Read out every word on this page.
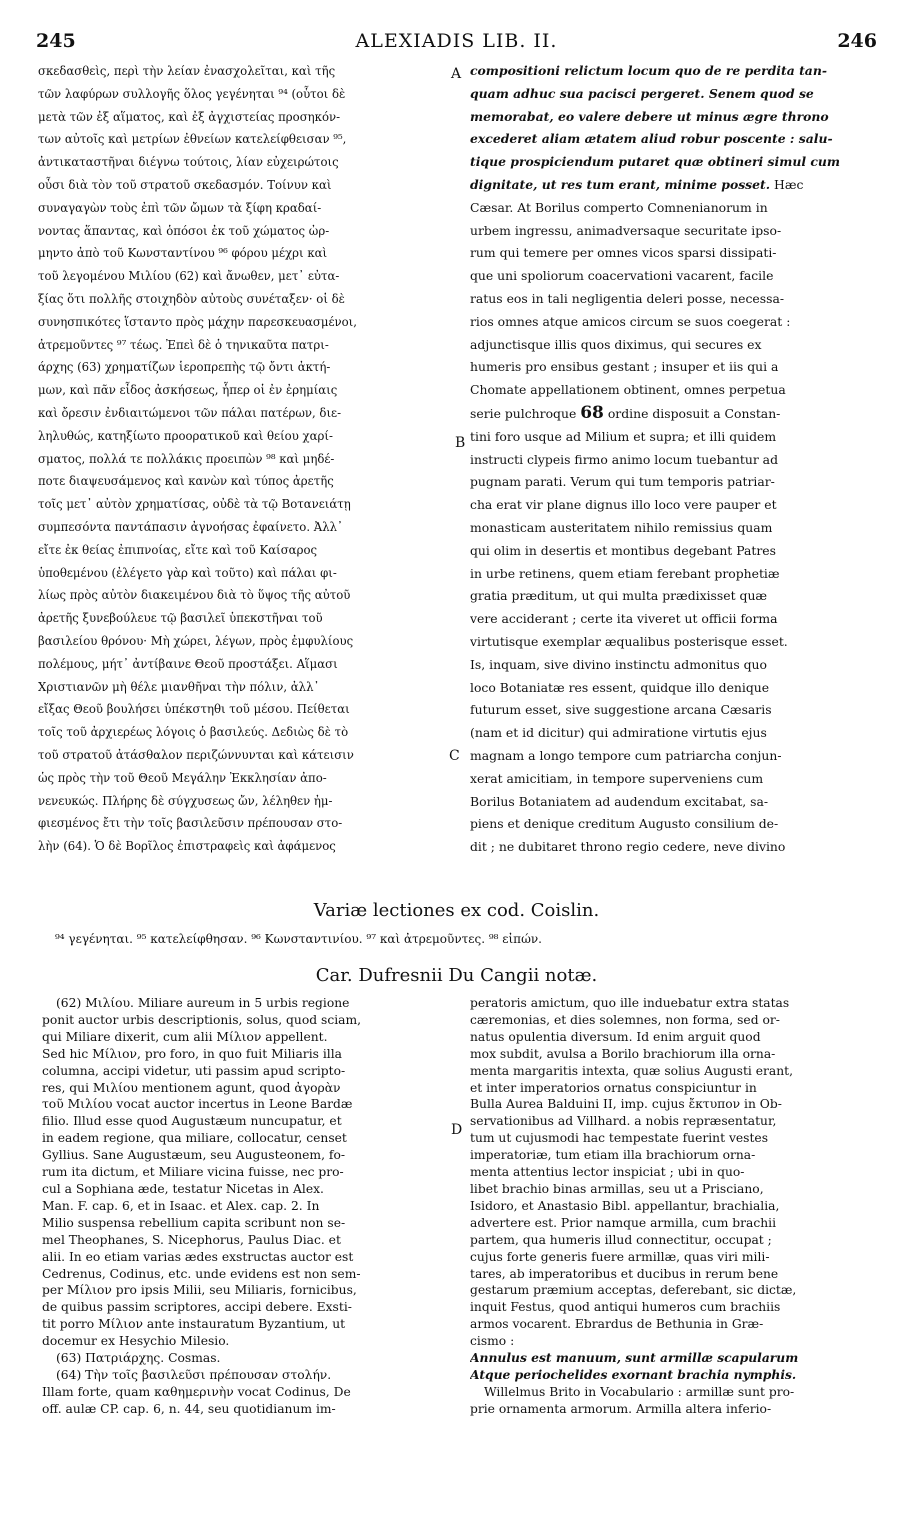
245	ALEXIADIS LIB. II.	246
σκεδασθεὶς, περὶ τὴν λείαν ἐνασχολεῖται, καὶ τῆς
τῶν λαφύρων συλλογῆς ὅλος γεγένηται ⁹⁴ (οὗτοι δὲ
μετὰ τῶν ἐξ αἵματος, καὶ ἐξ ἀγχιστείας προσηκόν-
των αὐτοῖς καὶ μετρίων ἐθνείων κατελείφθεισαν ⁹⁵,
ἀντικαταστῆναι διέγνω τούτοις, λίαν εὐχειρώτοις
οὖσι διὰ τὸν τοῦ στρατοῦ σκεδασμόν. Τοίνυν καὶ
συναγαγὼν τοὺς ἐπὶ τῶν ὤμων τὰ ξίφη κραδαί-
νοντας ἅπαντας, καὶ ὁπόσοι ἐκ τοῦ χώματος ὠρ-
μηντο ἀπὸ τοῦ Κωνσταντίνου ⁹⁶ φόρου μέχρι καὶ
τοῦ λεγομένου Μιλίου (62) καὶ ἄνωθεν, μετ᾽ εὐτα-
ξίας ὅτι πολλῆς στοιχηδὸν αὐτοὺς συνέταξεν· οἱ δὲ
συνησπικότες ἵσταντο πρὸς μάχην παρεσκευασμένοι,
ἀτρεμοῦντες ⁹⁷ τέως. Ἐπεὶ δὲ ὁ τηνικαῦτα πατρι-
άρχης (63) χρηματίζων ἱεροπρεπὴς τῷ ὄντι ἀκτή-
μων, καὶ πᾶν εἶδος ἀσκήσεως, ἧπερ οἱ ἐν ἐρημίαις
καὶ ὄρεσιν ἐνδιαιτώμενοι τῶν πάλαι πατέρων, διε-
ληλυθώς, κατηξίωτο προορατικοῦ καὶ θείου χαρί-
σματος, πολλά τε πολλάκις προειπὼν ⁹⁸ καὶ μηδέ-
ποτε διαψευσάμενος καὶ κανὼν καὶ τύπος ἀρετῆς
τοῖς μετ᾽ αὐτὸν χρηματίσας, οὐδὲ τὰ τῷ Βοτανειάτῃ
συμπεσόντα παντάπασιν ἀγνοήσας ἐφαίνετο. Ἀλλ᾽
εἴτε ἐκ θείας ἐπιπνοίας, εἴτε καὶ τοῦ Καίσαρος
ὑποθεμένου (ἐλέγετο γὰρ καὶ τοῦτο) καὶ πάλαι φι-
λίως πρὸς αὐτὸν διακειμένου διὰ τὸ ὕψος τῆς αὐτοῦ
ἀρετῆς ξυνεβούλευε τῷ βασιλεῖ ὑπεκστῆναι τοῦ
βασιλείου θρόνου· Μὴ χώρει, λέγων, πρὸς ἐμφυλίους
πολέμους, μήτ᾽ ἀντίβαινε Θεοῦ προστάξει. Αἵμασι
Χριστιανῶν μὴ θέλε μιανθῆναι τὴν πόλιν, ἀλλ᾽
εἴξας Θεοῦ βουλήσει ὑπέκστηθι τοῦ μέσου. Πείθεται
τοῖς τοῦ ἀρχιερέως λόγοις ὁ βασιλεύς. Δεδιὼς δὲ τὸ
τοῦ στρατοῦ ἀτάσθαλον περιζώννυνται καὶ κάτεισιν
ὡς πρὸς τὴν τοῦ Θεοῦ Μεγάλην Ἐκκλησίαν ἀπο-
νενευκώς. Πλήρης δὲ σύγχυσεως ὤν, λέληθεν ἠμ-
φιεσμένος ἔτι τὴν τοῖς βασιλεῦσιν πρέπουσαν στο-
λὴν (64). Ὁ δὲ Βορῖλος ἐπιστραφεὶς καὶ ἀφάμενος
A
B
C
D
compositioni relictum locum quo de re perdita tan-
quam adhuc sua pacisci pergeret. Senem quod se
memorabat, eo valere debere ut minus ægre throno
excederet aliam ætatem aliud robur poscente : salu-
tique prospiciendum putaret quæ obtineri simul cum
dignitate, ut res tum erant, minime posset. Hæc
Cæsar. At Borilus comperto Comnenianorum in
urbem ingressu, animadversaque securitate ipso-
rum qui temere per omnes vicos sparsi dissipati-
que uni spoliorum coacervationi vacarent, facile
ratus eos in tali negligentia deleri posse, necessa-
rios omnes atque amicos circum se suos coegerat :
adjunctisque illis quos diximus, qui secures ex
humeris pro ensibus gestant ; insuper et iis qui a
Chomate appellationem obtinent, omnes perpetua
serie pulchroque 68 ordine disposuit a Constan-
tini foro usque ad Milium et supra; et illi quidem
instructi clypeis firmo animo locum tuebantur ad
pugnam parati. Verum qui tum temporis patriar-
cha erat vir plane dignus illo loco vere pauper et
monasticam austeritatem nihilo remissius quam
qui olim in desertis et montibus degebant Patres
in urbe retinens, quem etiam ferebant prophetiæ
gratia præditum, ut qui multa prædixisset quæ
vere acciderant ; certe ita viveret ut officii forma
virtutisque exemplar æqualibus posterisque esset.
Is, inquam, sive divino instinctu admonitus quo
loco Botaniatæ res essent, quidque illo denique
futurum esset, sive suggestione arcana Cæsaris
(nam et id dicitur) qui admiratione virtutis ejus
magnam a longo tempore cum patriarcha conjun-
xerat amicitiam, in tempore superveniens cum
Borilus Botaniatem ad audendum excitabat, sa-
piens et denique creditum Augusto consilium de-
dit ; ne dubitaret throno regio cedere, neve divino
Variæ lectiones ex cod. Coislin.
⁹⁴ γεγένηται. ⁹⁵ κατελείφθησαν. ⁹⁶ Κωνσταντινίου. ⁹⁷ καὶ ἀτρεμοῦντες. ⁹⁸ εἰπών.
Car. Dufresnii Du Cangii notæ.
(62) Μιλίου. Miliare aureum in 5 urbis regione
ponit auctor urbis descriptionis, solus, quod sciam,
qui Miliare dixerit, cum alii Μίλιον appellent.
Sed hic Μίλιον, pro foro, in quo fuit Miliaris illa
columna, accipi videtur, uti passim apud scripto-
res, qui Μιλίου mentionem agunt, quod ἀγορὰν
τοῦ Μιλίου vocat auctor incertus in Leone Bardæ
filio. Illud esse quod Augustæum nuncupatur, et
in eadem regione, qua miliare, collocatur, censet
Gyllius. Sane Augustæum, seu Augusteonem, fo-
rum ita dictum, et Miliare vicina fuisse, nec pro-
cul a Sophiana æde, testatur Nicetas in Alex.
Man. F. cap. 6, et in Isaac. et Alex. cap. 2. In
Milio suspensa rebellium capita scribunt non se-
mel Theophanes, S. Nicephorus, Paulus Diac. et
alii. In eo etiam varias ædes exstructas auctor est
Cedrenus, Codinus, etc. unde evidens est non sem-
per Μίλιον pro ipsis Milii, seu Miliaris, fornicibus,
de quibus passim scriptores, accipi debere. Exsti-
tit porro Μίλιον ante instauratum Byzantium, ut
docemur ex Hesychio Milesio.
(63) Πατριάρχης. Cosmas.
(64) Τὴν τοῖς βασιλεῦσι πρέπουσαν στολήν.
Illam forte, quam καθημερινὴν vocat Codinus, De
off. aulæ CP. cap. 6, n. 44, seu quotidianum im-
peratoris amictum, quo ille induebatur extra statas
cæremonias, et dies solemnes, non forma, sed or-
natus opulentia diversum. Id enim arguit quod
mox subdit, avulsa a Borilo brachiorum illa orna-
menta margaritis intexta, quæ solius Augusti erant,
et inter imperatorios ornatus conspiciuntur in
Bulla Aurea Balduini II, imp. cujus ἔκτυπον in Ob-
servationibus ad Villhard. a nobis repræsentatur,
tum ut cujusmodi hac tempestate fuerint vestes
imperatoriæ, tum etiam illa brachiorum orna-
menta attentius lector inspiciat ; ubi in quo-
libet brachio binas armillas, seu ut a Prisciano,
Isidoro, et Anastasio Bibl. appellantur, brachialia,
advertere est. Prior namque armilla, cum brachii
partem, qua humeris illud connectitur, occupat ;
cujus forte generis fuere armillæ, quas viri mili-
tares, ab imperatoribus et ducibus in rerum bene
gestarum præmium acceptas, deferebant, sic dictæ,
inquit Festus, quod antiqui humeros cum brachiis
armos vocarent. Ebrardus de Bethunia in Græ-
cismo :
Annulus est manuum, sunt armillæ scapularum
Atque periochelides exornant brachia nymphis.
Willelmus Brito in Vocabulario : armillæ sunt pro-
prie ornamenta armorum. Armilla altera inferio-
